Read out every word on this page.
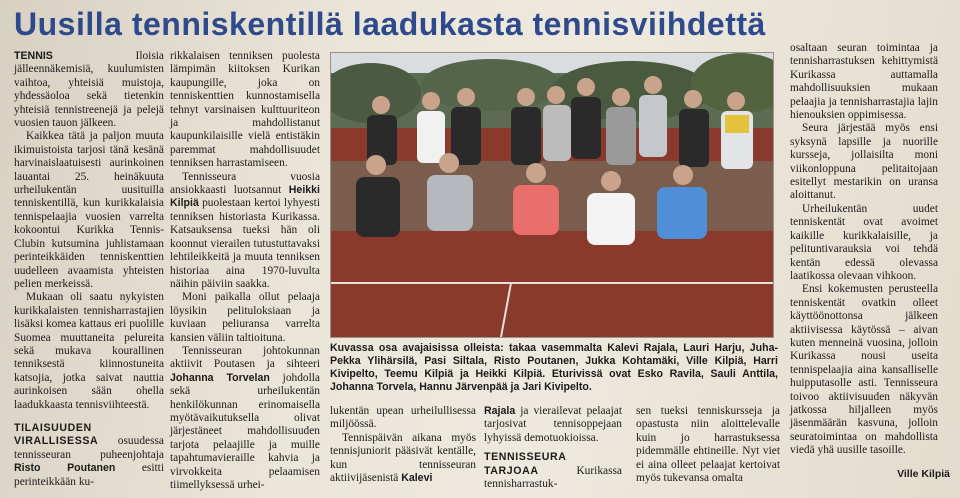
Uusilla tenniskentillä laadukasta tennisviihdettä

TENNIS Iloisia jälleennäkemisiä, kuulumisten vaihtoa, yhteisiä muistoja, yhdessäoloa sekä tietenkin yhteisiä tennistreenejä ja pelejä vuosien tauon jälkeen.

Kaikkea tätä ja paljon muuta ikimuistoista tarjosi tänä kesänä harvinaislaatuisesti aurinkoinen lauantai 25. heinäkuuta urheilukentän uusituilla tenniskentillä, kun kurikkalaisia tennispelaajia vuosien varrelta kokoontui Kurikka Tennis-Clubin kutsumina juhlistamaan perinteikkäiden tenniskenttien uudelleen avaamista yhteisten pelien merkeissä.

Mukaan oli saatu nykyisten kurikkalaisten tennisharrastajien lisäksi komea kattaus eri puolille Suomea muuttaneita pelureita sekä mukava kourallinen tenniksestä kiinnostuneita katsojia, jotka saivat nauttia aurinkoisen sään ohella laadukkaasta tennisviihteestä.

TILAISUUDEN VIRALLISESSA osuudessa tennisseuran puheenjohtaja Risto Poutanen esitti perinteikkään ku-

rikkalaisen tenniksen puolesta lämpimän kiitoksen Kurikan kaupungille, joka on tenniskenttien kunnostamisella tehnyt varsinaisen kulttuuriteon ja mahdollistanut kaupunkilaisille vielä entistäkin paremmat mahdollisuudet tenniksen harrastamiseen.

Tennisseura vuosia ansiokkaasti luotsannut Heikki Kilpiä puolestaan kertoi lyhyesti tenniksen historiasta Kurikassa. Katsauksensa tueksi hän oli koonnut vierailen tutustuttavaksi lehtileikkeitä ja muuta tenniksen historiaa aina 1970-luvulta näihin päiviin saakka.

Moni paikalla ollut pelaaja löysikin pelituloksiaan ja kuviaan peliuransa varrelta kansien väliin taltioituna.

Tennisseuran johtokunnan aktiivit Poutasen ja sihteeri Johanna Torvelan johdolla sekä urheilukentän henkilökunnan erinomaisella myötävaikutuksella olivat järjestäneet mahdollisuuden tarjota pelaajille ja muille tapahtumavierai​lle kahvia ja virvokkeita pelaamisen tiimellyksessä urhei-

Kuvassa osa avajaisissa olleista: takaa vasemmalta Kalevi Rajala, Lauri Harju, Juha-Pekka Ylihärsilä, Pasi Siltala, Risto Poutanen, Jukka Kohtamäki, Ville Kilpiä, Harri Kivipelto, Teemu Kilpiä ja Heikki Kilpiä. Eturivissä ovat Esko Ravila, Sauli Anttila, Johanna Torvela, Hannu Järvenpää ja Jari Kivipelto.

lukentän upean urheilullisessa miljöössä.

Tennispäivän aikana myös tennisjuniorit pääsivät kentälle, kun tennisseuran aktiivijäsenistä Kalevi

Rajala ja vierailevat pelaajat tarjosivat tennisoppejaan lyhyissä demotuokioissa.

TENNISSEURA TARJOAA Kurikassa tennisharrastuk-

sen tueksi tenniskursseja ja opastusta niin aloittelevalle kuin jo harrastuksessa pidemmälle ehtineille. Nyt viet ei aina olleet pelaajat kertoivat myös tukevansa omalta

osaltaan seuran toimintaa ja tennisharrastuksen kehittymistä Kurikassa auttamalla mahdollisuuksien mukaan pelaajia ja tennisharrastajia lajin hienouksien oppimisessa.

Seura järjestää myös ensi syksynä lapsille ja nuorille kursseja, jollaisilta moni viikonloppuna pelitaitojaan esitellyt mestarikin on uransa aloittanut.

Urheilukentän uudet tenniskentät ovat avoimet kaikille kurikkalaisille, ja pelituntivarauksia voi tehdä kentän edessä olevassa laatikossa olevaan vihkoon.

Ensi kokemusten perusteella tenniskentät ovatkin olleet käyttöönottonsa jälkeen aktiivisessa käytössä – aivan kuten menneinä vuosina, jolloin Kurikassa nousi useita tennispelaajia aina kansalliselle huipputasolle asti. Tennisseura toivoo aktiivisuuden näkyvän jatkossa hiljalleen myös jäsenmäärän kasvuna, jolloin seuratoimintaa on mahdollista viedä yhä uusille tasoille.

Ville Kilpiä
